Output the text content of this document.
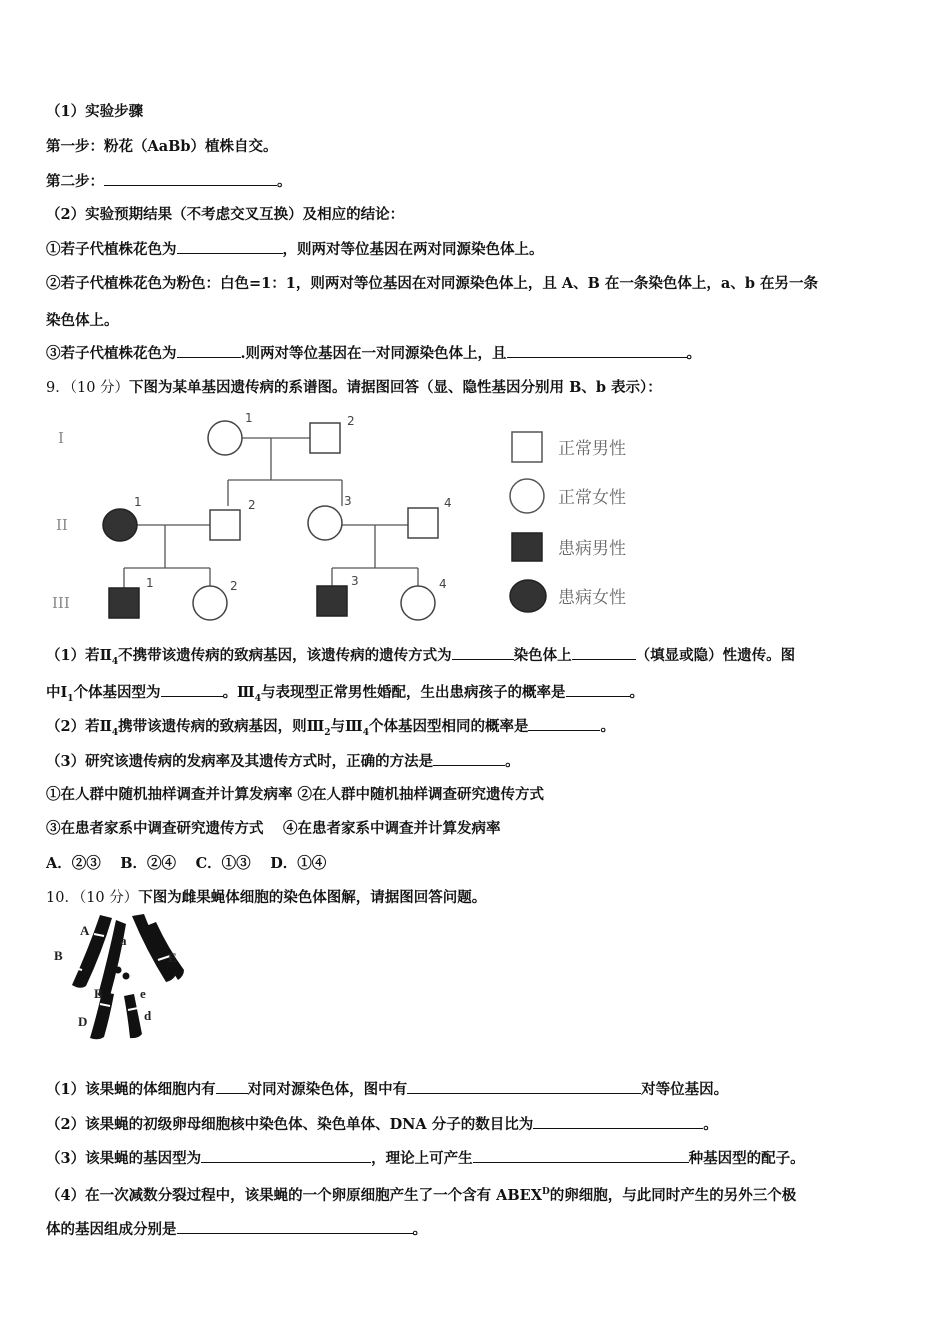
（1）实验步骤
第一步：粉花（AaBb）植株自交。
第二步：	。
（2）实验预期结果（不考虑交叉互换）及相应的结论：
①若子代植株花色为	，则两对等位基因在两对同源染色体上。
②若子代植株花色为粉色：白色=1：1，则两对等位基因在对同源染色体上，且 A、B 在一条染色体上，a、b 在另一条
染色体上。
③若子代植株花色为	.则两对等位基因在一对同源染色体上，且	。
9．（10 分）下图为某单基因遗传病的系谱图。请据图回答（显、隐性基因分别用 B、b 表示）：
I
II
III
1	2
1	2	3	4
1	2	3	4
正常男性
正常女性
患病男性
患病女性
（1）若$Ⅱ_4$不携带该遗传病的致病基因，该遗传病的遗传方式为	染色体上	（填显或隐）性遗传。图
中$Ⅰ_1$个体基因型为	。$Ⅲ_4$与表现型正常男性婚配，生出患病孩子的概率是	。
（2）若$Ⅱ_4$携带该遗传病的致病基因，则$Ⅲ_2$与$Ⅲ_4$个体基因型相同的概率是	。
（3）研究该遗传病的发病率及其遗传方式时，正确的方法是	。
①在人群中随机抽样调查并计算发病率 ②在人群中随机抽样调查研究遗传方式
③在患者家系中调查研究遗传方式　 ④在患者家系中调查并计算发病率
A．②③　 B．②④　 C．①③　 D．①④
10．（10 分）下图为雌果蝇体细胞的染色体图解，请据图回答问题。
A
a
B
B
E
e
D	d
（1）该果蝇的体细胞内有 对同对源染色体，图中有	对等位基因。
（2）该果蝇的初级卵母细胞核中染色体、染色单体、DNA 分子的数目比为	。
（3）该果蝇的基因型为	，理论上可产生	种基因型的配子。
（4）在一次减数分裂过程中，该果蝇的一个卵原细胞产生了一个含有 $ABEX^D$的卵细胞，与此同时产生的另外三个极
体的基因组成分别是	。
